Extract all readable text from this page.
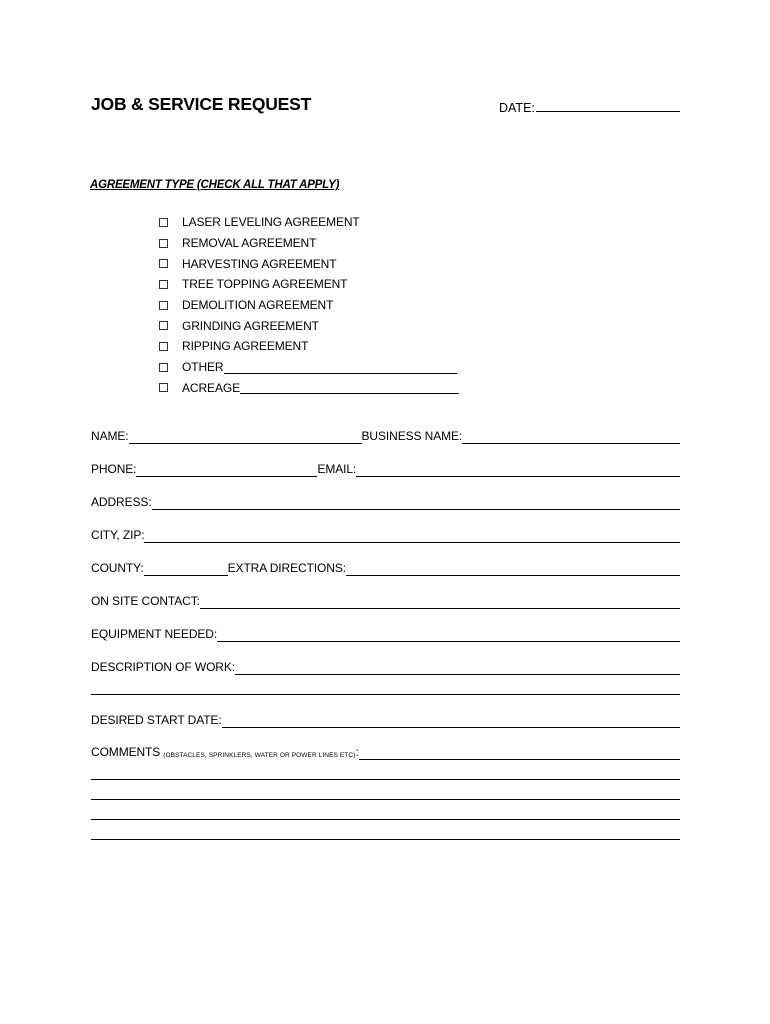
JOB & SERVICE REQUEST	DATE:
AGREEMENT TYPE (CHECK ALL THAT APPLY)
LASER LEVELING AGREEMENT
REMOVAL AGREEMENT
HARVESTING AGREEMENT
TREE TOPPING AGREEMENT
DEMOLITION AGREEMENT
GRINDING AGREEMENT
RIPPING AGREEMENT
OTHER
ACREAGE
NAME:	BUSINESS NAME:
PHONE:	EMAIL:
ADDRESS:
CITY, ZIP:
COUNTY:	EXTRA DIRECTIONS:
ON SITE CONTACT:
EQUIPMENT NEEDED:
DESCRIPTION OF WORK:
DESIRED START DATE:
COMMENTS (OBSTACLES, SPRINKLERS, WATER OR POWER LINES ETC) :
